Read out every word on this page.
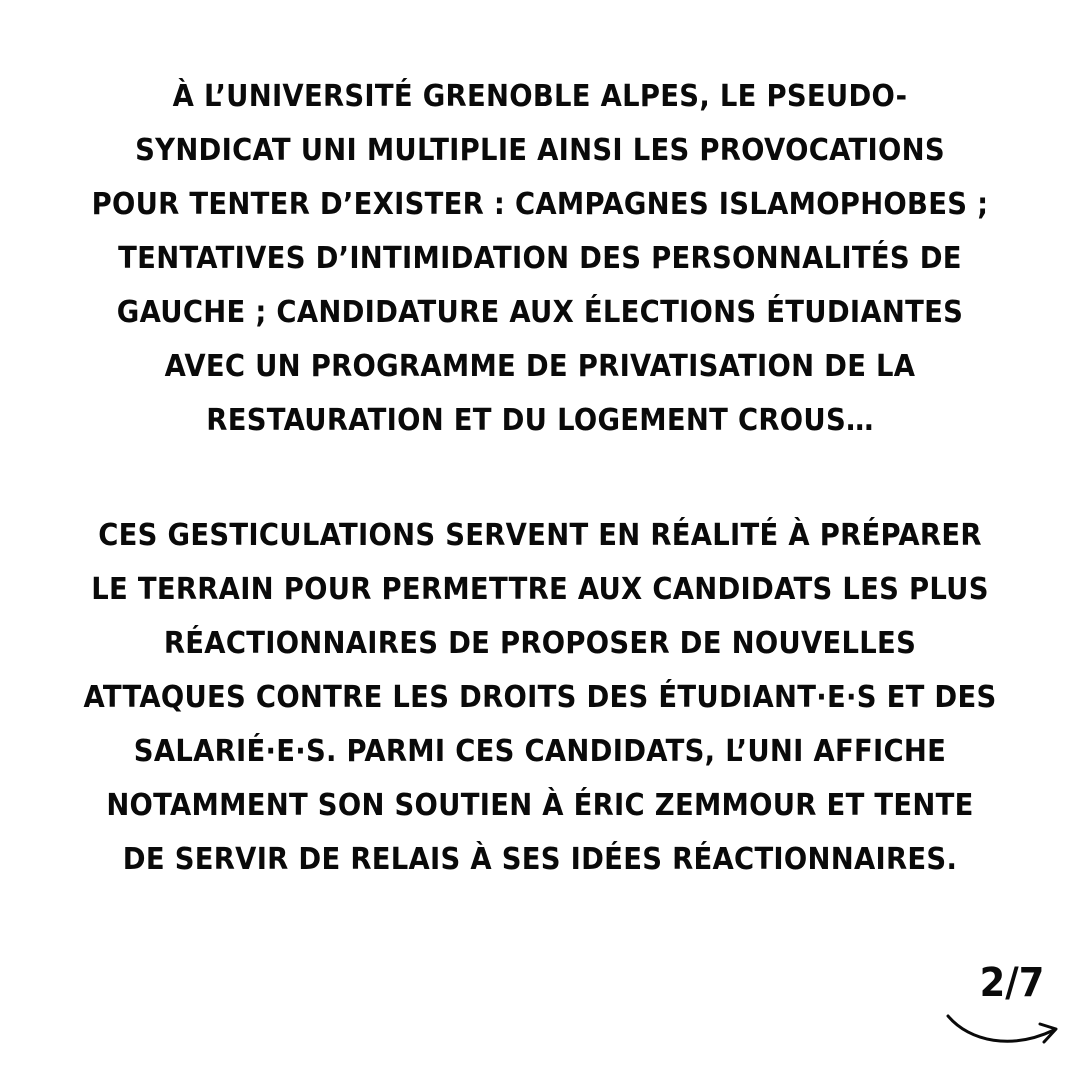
À L’UNIVERSITÉ GRENOBLE ALPES, LE PSEUDO-
SYNDICAT UNI MULTIPLIE AINSI LES PROVOCATIONS
POUR TENTER D’EXISTER : CAMPAGNES ISLAMOPHOBES ;
TENTATIVES D’INTIMIDATION DES PERSONNALITÉS DE
GAUCHE ; CANDIDATURE AUX ÉLECTIONS ÉTUDIANTES
AVEC UN PROGRAMME DE PRIVATISATION DE LA
RESTAURATION ET DU LOGEMENT CROUS…
CES GESTICULATIONS SERVENT EN RÉALITÉ À PRÉPARER
LE TERRAIN POUR PERMETTRE AUX CANDIDATS LES PLUS
RÉACTIONNAIRES DE PROPOSER DE NOUVELLES
ATTAQUES CONTRE LES DROITS DES ÉTUDIANT·E·S ET DES
SALARIÉ·E·S. PARMI CES CANDIDATS, L’UNI AFFICHE
NOTAMMENT SON SOUTIEN À ÉRIC ZEMMOUR ET TENTE
DE SERVIR DE RELAIS À SES IDÉES RÉACTIONNAIRES.
2/7
